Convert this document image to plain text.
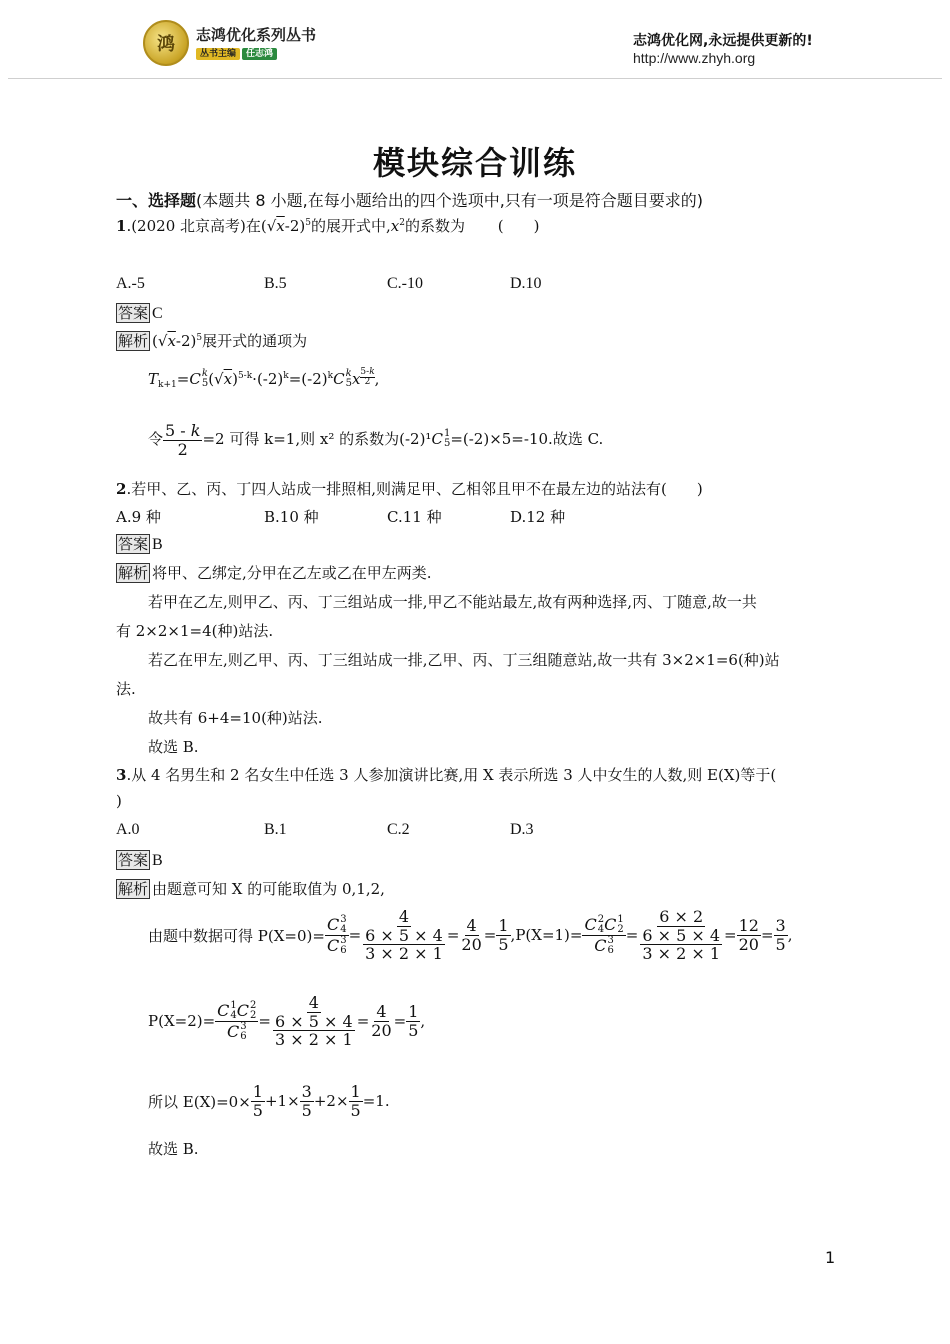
鸿 志鸿优化系列丛书
丛书主编	任志鸿
志鸿优化网,永远提供更新的!
http://www.zhyh.org
模块综合训练
一、选择题(本题共 8 小题,在每小题给出的四个选项中,只有一项是符合题目要求的)
1.(2020 北京高考)在$(√x-2)^5$的展开式中$,x^2$的系数为 (　　)
A.-5	B.5	C.-10	D.10
答案 C
解析 $(√x-2)^5$展开式的通项为
$T_{k+1}=C$ k
5 $(√x)^{5-k}\cdot(-2)^k=(-2)^kC$ k
5 x $\frac{5-k}{2}$ ,
令 $\frac{5 - k}{2} =2$ 可得 k=1,则 x² 的系数为(-2)¹C 1
5 =(-2)×5=-10.故选 C.
2.若甲、乙、丙、丁四人站成一排照相,则满足甲、乙相邻且甲不在最左边的站法有(　　)
A.9 种	B.10 种	C.11 种	D.12 种
答案 B
解析 将甲、乙绑定,分甲在乙左或乙在甲左两类.
若甲在乙左,则甲乙、丙、丁三组站成一排,甲乙不能站最左,故有两种选择,丙、丁随意,故一共
有 2×2×1=4(种)站法.
若乙在甲左,则乙甲、丙、丁三组站成一排,乙甲、丙、丁三组随意站,故一共有 3×2×1=6(种)站
法.
故共有 6+4=10(种)站法.
故选 B.
3.从 4 名男生和 2 名女生中任选 3 人参加演讲比赛,用 X 表示所选 3 人中女生的人数,则 E(X)等于(
)
A.0	B.1	C.2	D.3
答案 B
解析 由题意可知 X 的可能取值为 0,1,2,
由题中数据可得 P(X=0)= C 3
4
C 3
$6 = \frac{4}{\frac{6 \times 5 \times 4}{3 \times 2 \times 1}} = \frac{4}{20} = \frac{1}{5} ,P(X=1)= C$ 2
4 C 1
2
C 3
$6 = \frac{6 \times 2}{\frac{6 \times 5 \times 4}{3 \times 2 \times 1}} = \frac{12}{20} = \frac{3}{5}$ ,
P(X=2)= C 1
4 C 2
2
C 3
$6 = \frac{4}{\frac{6 \times 5 \times 4}{3 \times 2 \times 1}} = \frac{4}{20} = \frac{1}{5}$ ,
所以 $E(X)=0\times \frac{1}{5} +1\times \frac{3}{5} +2\times \frac{1}{5} =1$.
故选 B.
1
